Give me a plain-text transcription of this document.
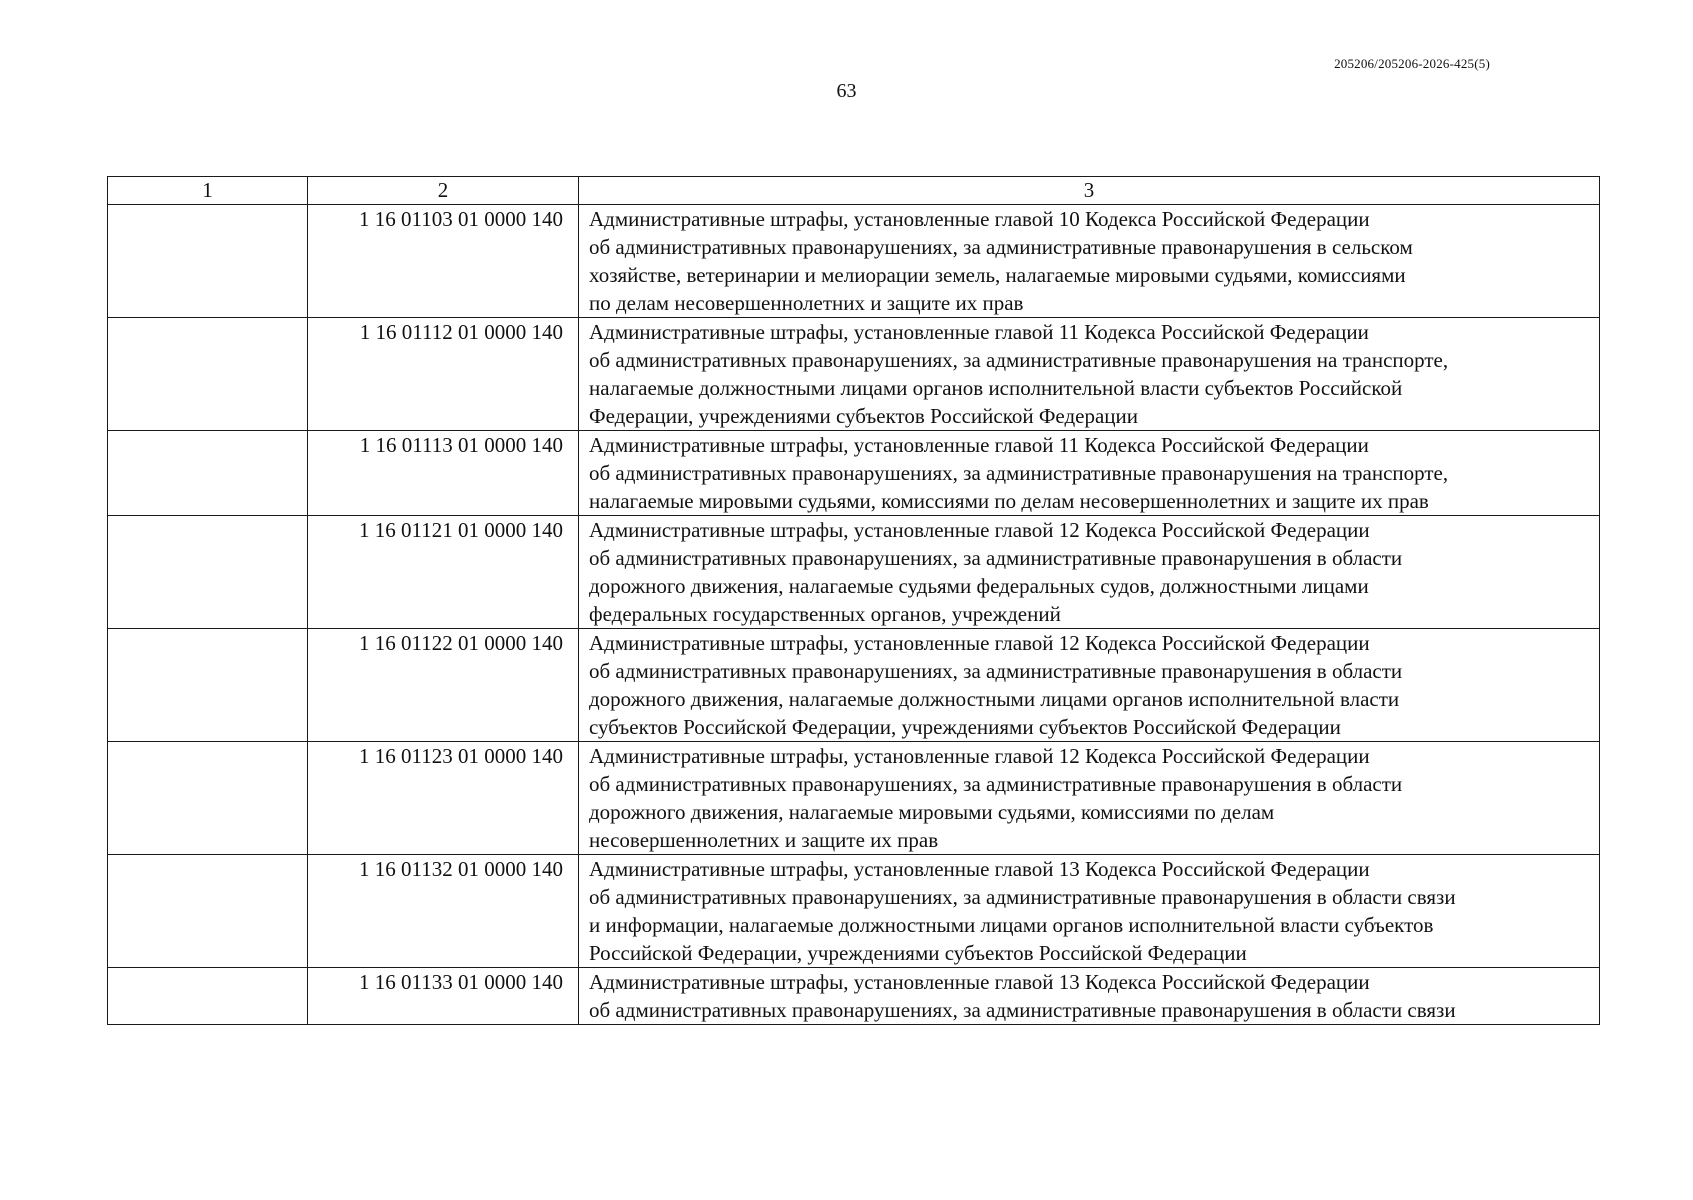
205206/205206-2026-425(5)
63
1	2	3
	1 16 01103 01 0000 140	Административные штрафы, установленные главой 10 Кодекса Российской Федерации
об административных правонарушениях, за административные правонарушения в сельском
хозяйстве, ветеринарии и мелиорации земель, налагаемые мировыми судьями, комиссиями
по делам несовершеннолетних и защите их прав
	1 16 01112 01 0000 140	Административные штрафы, установленные главой 11 Кодекса Российской Федерации
об административных правонарушениях, за административные правонарушения на транспорте,
налагаемые должностными лицами органов исполнительной власти субъектов Российской
Федерации, учреждениями субъектов Российской Федерации
	1 16 01113 01 0000 140	Административные штрафы, установленные главой 11 Кодекса Российской Федерации
об административных правонарушениях, за административные правонарушения на транспорте,
налагаемые мировыми судьями, комиссиями по делам несовершеннолетних и защите их прав
	1 16 01121 01 0000 140	Административные штрафы, установленные главой 12 Кодекса Российской Федерации
об административных правонарушениях, за административные правонарушения в области
дорожного движения, налагаемые судьями федеральных судов, должностными лицами
федеральных государственных органов, учреждений
	1 16 01122 01 0000 140	Административные штрафы, установленные главой 12 Кодекса Российской Федерации
об административных правонарушениях, за административные правонарушения в области
дорожного движения, налагаемые должностными лицами органов исполнительной власти
субъектов Российской Федерации, учреждениями субъектов Российской Федерации
	1 16 01123 01 0000 140	Административные штрафы, установленные главой 12 Кодекса Российской Федерации
об административных правонарушениях, за административные правонарушения в области
дорожного движения, налагаемые мировыми судьями, комиссиями по делам
несовершеннолетних и защите их прав
	1 16 01132 01 0000 140	Административные штрафы, установленные главой 13 Кодекса Российской Федерации
об административных правонарушениях, за административные правонарушения в области связи
и информации, налагаемые должностными лицами органов исполнительной власти субъектов
Российской Федерации, учреждениями субъектов Российской Федерации
	1 16 01133 01 0000 140	Административные штрафы, установленные главой 13 Кодекса Российской Федерации
об административных правонарушениях, за административные правонарушения в области связи
